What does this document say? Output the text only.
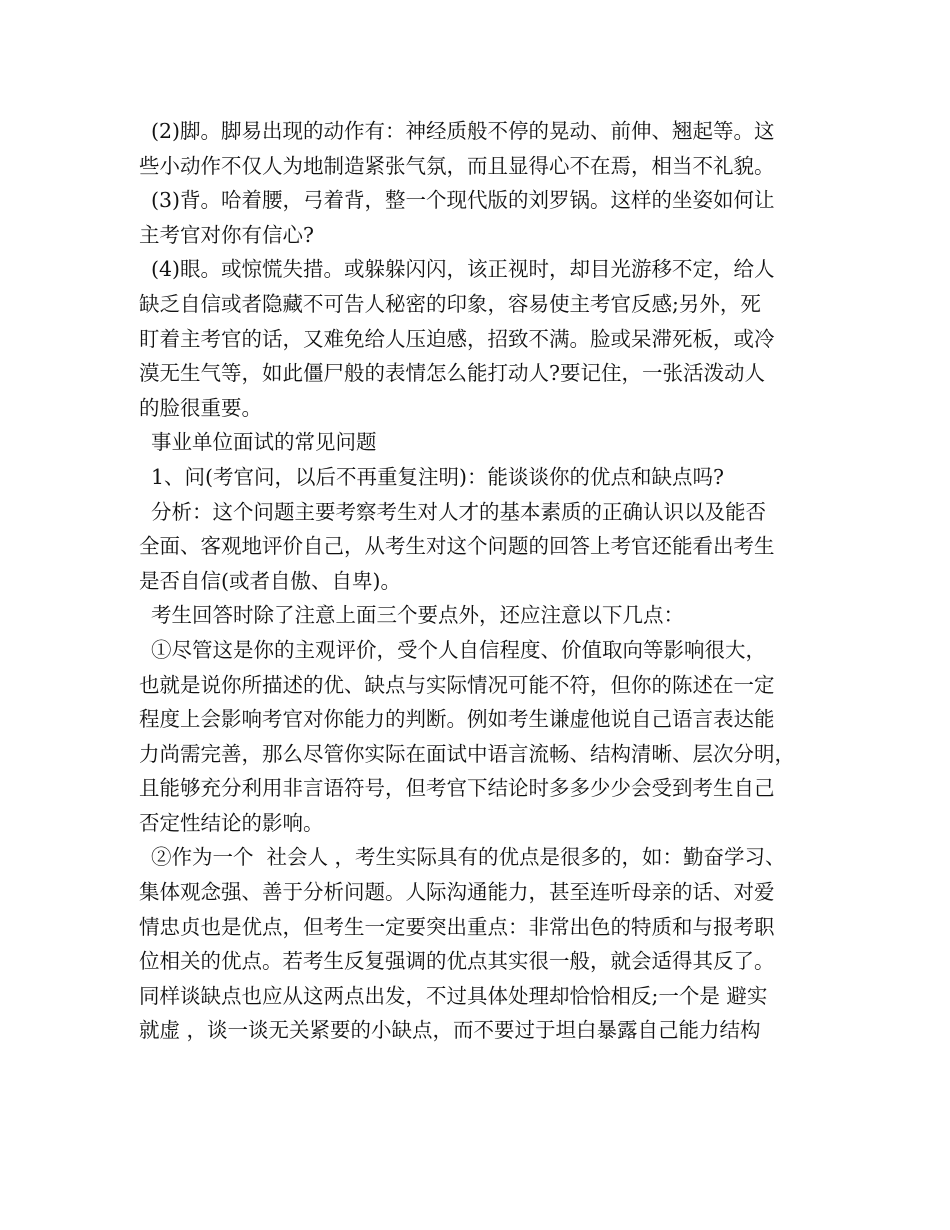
(2)脚。脚易出现的动作有：神经质般不停的晃动、前伸、翘起等。这
些小动作不仅人为地制造紧张气氛，而且显得心不在焉，相当不礼貌。
(3)背。哈着腰，弓着背，整一个现代版的刘罗锅。这样的坐姿如何让
主考官对你有信心?
(4)眼。或惊慌失措。或躲躲闪闪，该正视时，却目光游移不定，给人
缺乏自信或者隐藏不可告人秘密的印象，容易使主考官反感;另外，死
盯着主考官的话，又难免给人压迫感，招致不满。脸或呆滞死板，或冷
漠无生气等，如此僵尸般的表情怎么能打动人?要记住，一张活泼动人
的脸很重要。
事业单位面试的常见问题
1、问(考官问，以后不再重复注明)：能谈谈你的优点和缺点吗?
分析：这个问题主要考察考生对人才的基本素质的正确认识以及能否
全面、客观地评价自己，从考生对这个问题的回答上考官还能看出考生
是否自信(或者自傲、自卑)。
考生回答时除了注意上面三个要点外，还应注意以下几点：
①尽管这是你的主观评价，受个人自信程度、价值取向等影响很大，
也就是说你所描述的优、缺点与实际情况可能不符，但你的陈述在一定
程度上会影响考官对你能力的判断。例如考生谦虚他说自己语言表达能
力尚需完善，那么尽管你实际在面试中语言流畅、结构清晰、层次分明，
且能够充分利用非言语符号，但考官下结论时多多少少会受到考生自己
否定性结论的影响。
②作为一个  社会人 ，考生实际具有的优点是很多的，如：勤奋学习、
集体观念强、善于分析问题。人际沟通能力，甚至连听母亲的话、对爱
情忠贞也是优点，但考生一定要突出重点：非常出色的特质和与报考职
位相关的优点。若考生反复强调的优点其实很一般，就会适得其反了。
同样谈缺点也应从这两点出发，不过具体处理却恰恰相反;一个是 避实
就虚 ，谈一谈无关紧要的小缺点，而不要过于坦白暴露自己能力结构
